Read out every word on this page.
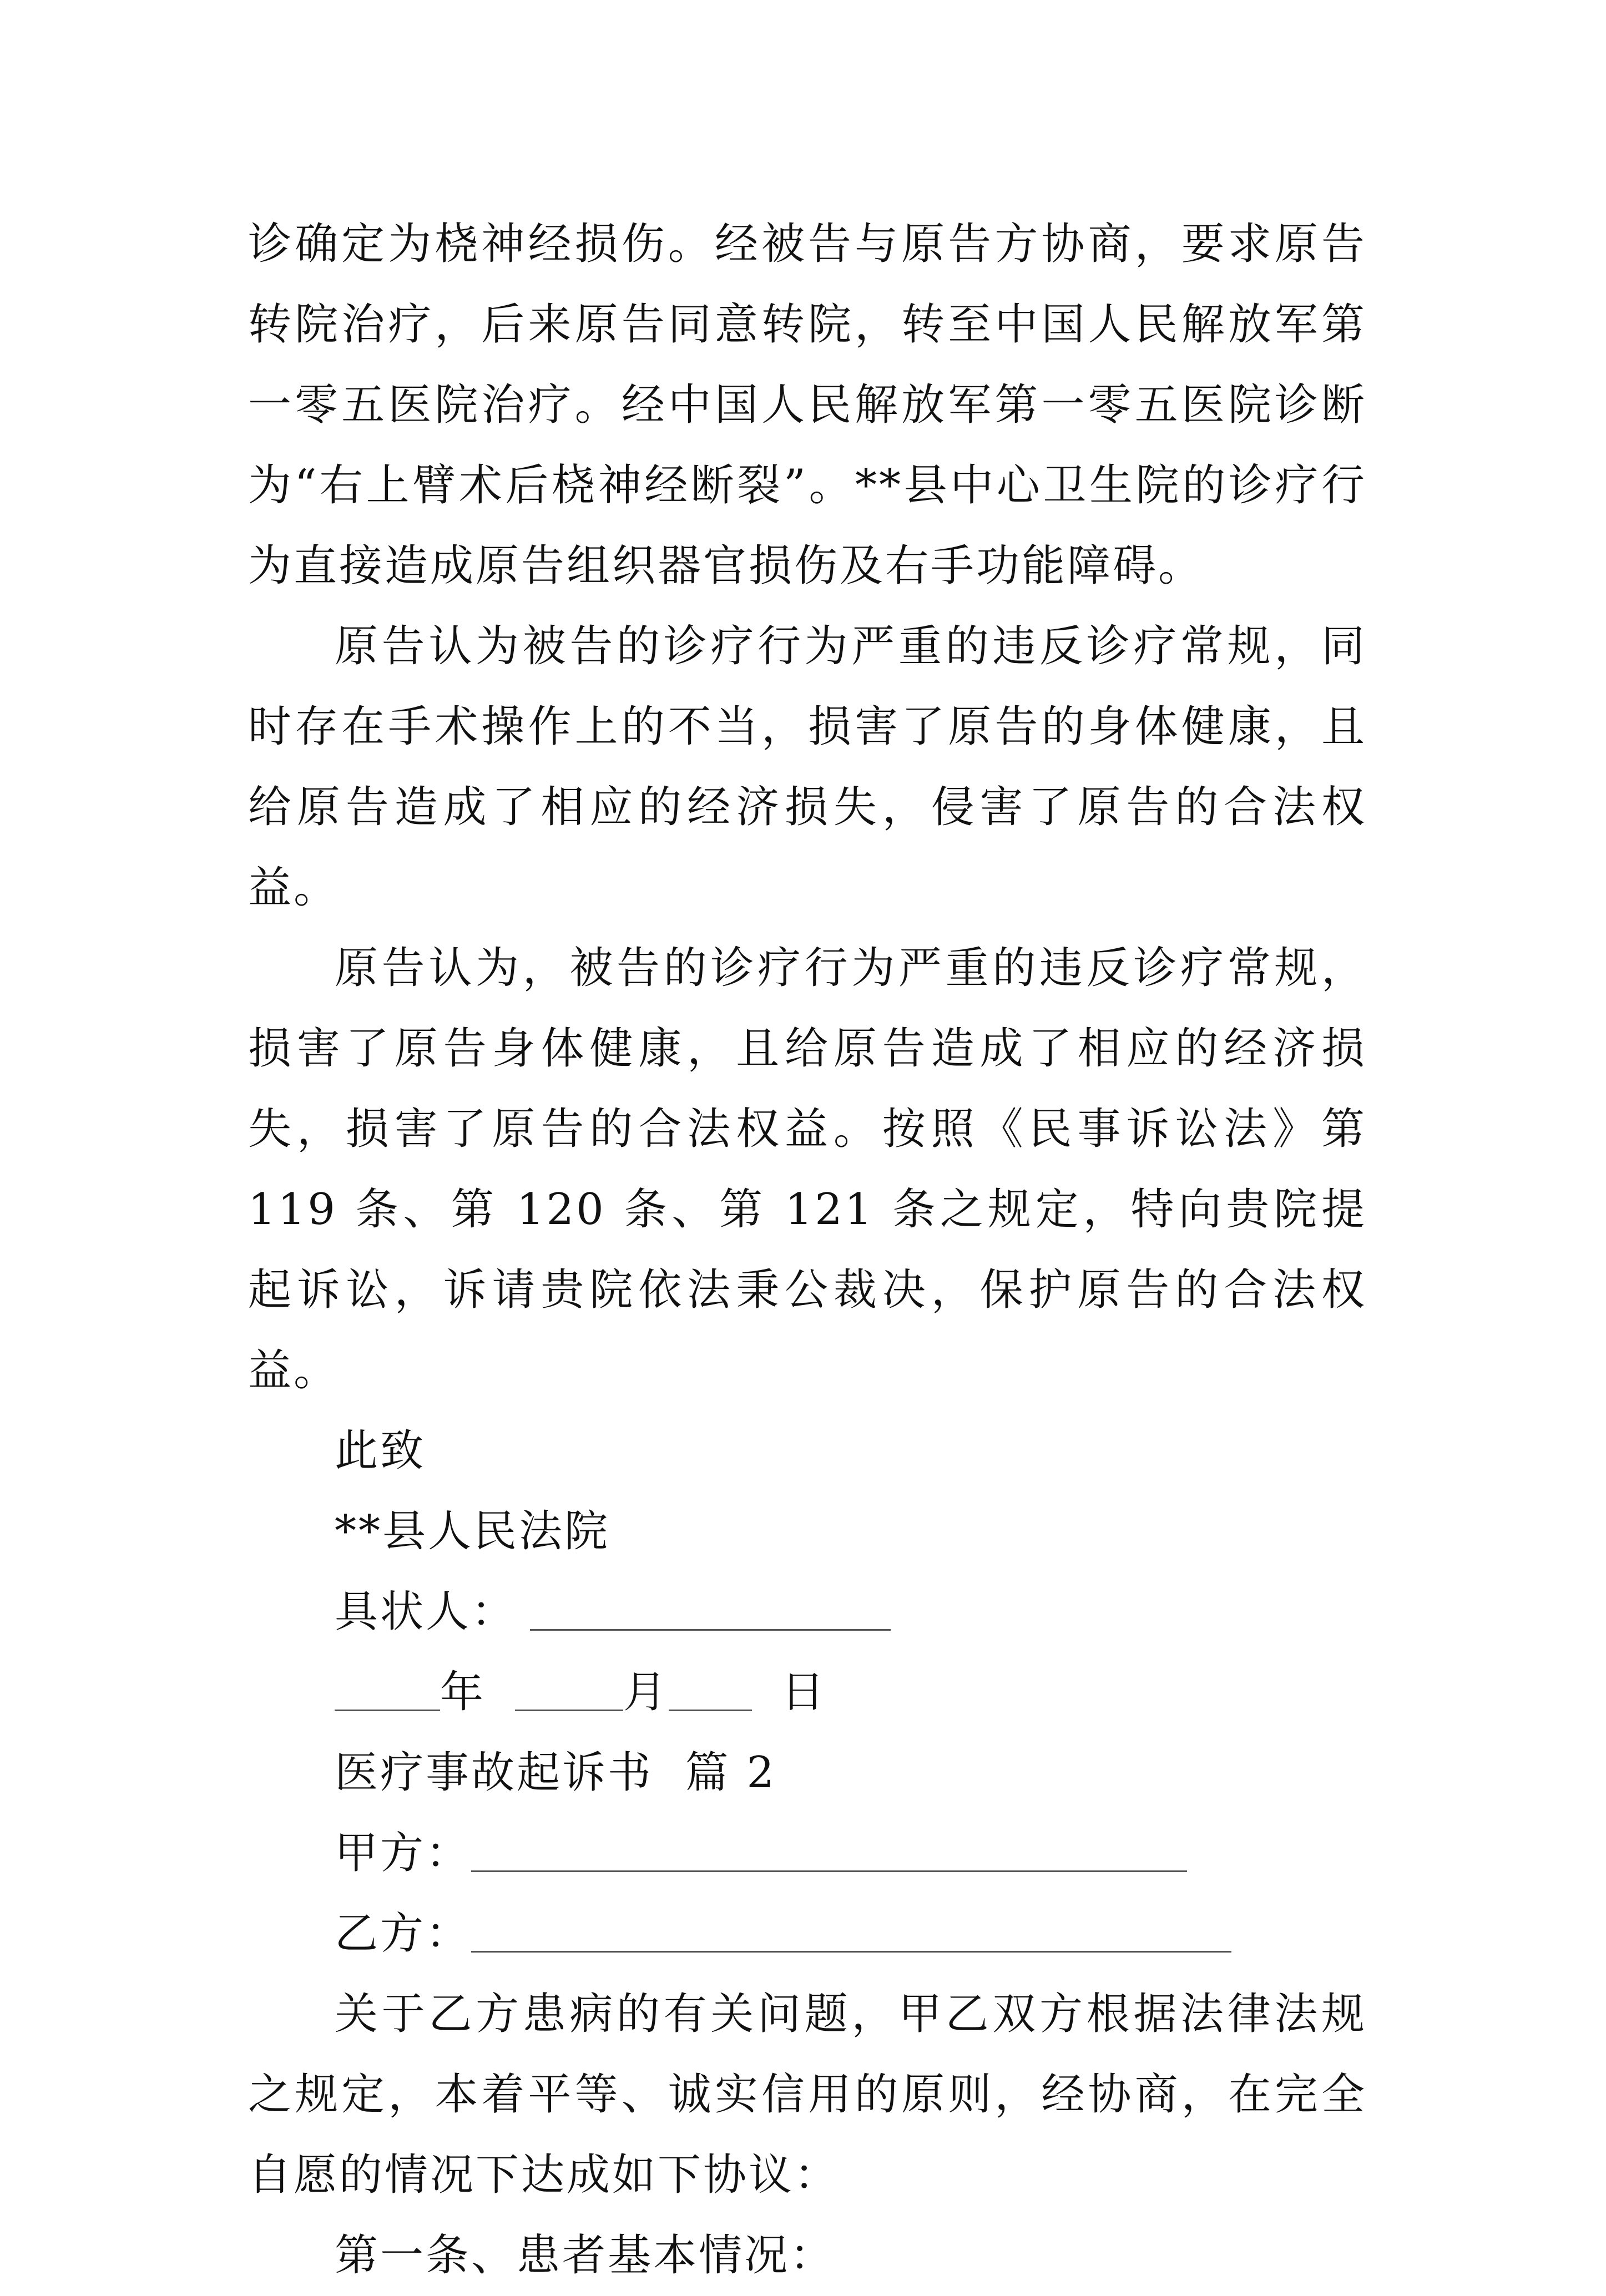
诊确定为桡神经损伤。经被告与原告方协商，要求原告转院治疗，后来原告同意转院，转至中国人民解放军第一零五医院治疗。经中国人民解放军第一零五医院诊断为“右上臂术后桡神经断裂”。**县中心卫生院的诊疗行为直接造成原告组织器官损伤及右手功能障碍。

原告认为被告的诊疗行为严重的违反诊疗常规，同时存在手术操作上的不当，损害了原告的身体健康，且给原告造成了相应的经济损失，侵害了原告的合法权益。

原告认为，被告的诊疗行为严重的违反诊疗常规，损害了原告身体健康，且给原告造成了相应的经济损失，损害了原告的合法权益。按照《民事诉讼法》第 119 条、第 120 条、第 121 条之规定，特向贵院提起诉讼，诉请贵院依法秉公裁决，保护原告的合法权益。

此致

**县人民法院

具状人：

年	月	日

医疗事故起诉书  篇 2

甲方：

乙方：

关于乙方患病的有关问题，甲乙双方根据法律法规之规定，本着平等、诚实信用的原则，经协商，在完全自愿的情况下达成如下协议：

第一条、患者基本情况：
